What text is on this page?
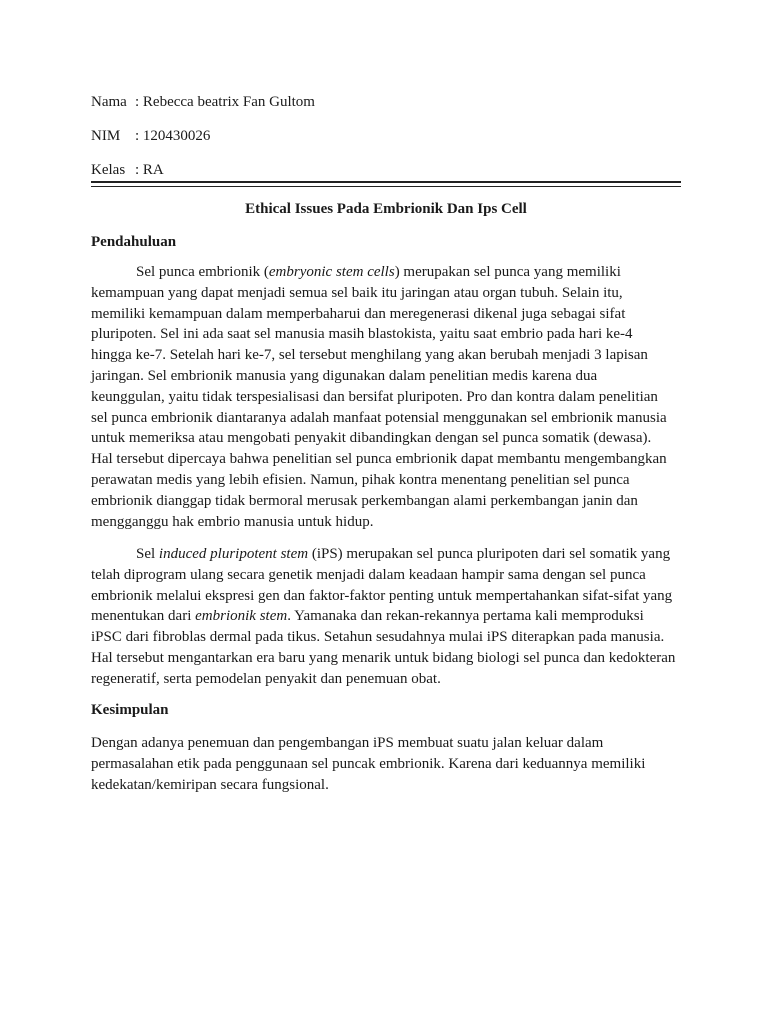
Nama : Rebecca beatrix Fan Gultom
NIM : 120430026
Kelas : RA
Ethical Issues Pada Embrionik Dan Ips Cell
Pendahuluan
Sel punca embrionik (embryonic stem cells) merupakan sel punca yang memiliki
kemampuan yang dapat menjadi semua sel baik itu jaringan atau organ tubuh. Selain itu,
memiliki kemampuan dalam memperbaharui dan meregenerasi dikenal juga sebagai sifat
pluripoten. Sel ini ada saat sel manusia masih blastokista, yaitu saat embrio pada hari ke-4
hingga ke-7. Setelah hari ke-7, sel tersebut menghilang yang akan berubah menjadi 3 lapisan
jaringan. Sel embrionik manusia yang digunakan dalam penelitian medis karena dua
keunggulan, yaitu tidak terspesialisasi dan bersifat pluripoten. Pro dan kontra dalam penelitian
sel punca embrionik diantaranya adalah manfaat potensial menggunakan sel embrionik manusia
untuk memeriksa atau mengobati penyakit dibandingkan dengan sel punca somatik (dewasa).
Hal tersebut dipercaya bahwa penelitian sel punca embrionik dapat membantu mengembangkan
perawatan medis yang lebih efisien. Namun, pihak kontra menentang penelitian sel punca
embrionik dianggap tidak bermoral merusak perkembangan alami perkembangan janin dan
mengganggu hak embrio manusia untuk hidup.
Sel induced pluripotent stem (iPS) merupakan sel punca pluripoten dari sel somatik yang
telah diprogram ulang secara genetik menjadi dalam keadaan hampir sama dengan sel punca
embrionik melalui ekspresi gen dan faktor-faktor penting untuk mempertahankan sifat-sifat yang
menentukan dari embrionik stem. Yamanaka dan rekan-rekannya pertama kali memproduksi
iPSC dari fibroblas dermal pada tikus. Setahun sesudahnya mulai iPS diterapkan pada manusia.
Hal tersebut mengantarkan era baru yang menarik untuk bidang biologi sel punca dan kedokteran
regeneratif, serta pemodelan penyakit dan penemuan obat.
Kesimpulan
Dengan adanya penemuan dan pengembangan iPS membuat suatu jalan keluar dalam
permasalahan etik pada penggunaan sel puncak embrionik. Karena dari keduannya memiliki
kedekatan/kemiripan secara fungsional.
